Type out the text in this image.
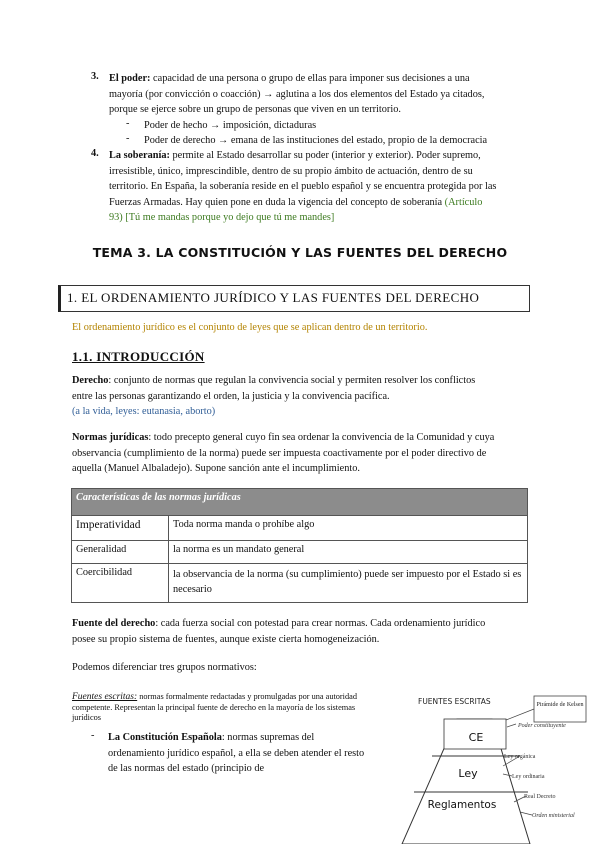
3. El poder: capacidad de una persona o grupo de ellas para imponer sus decisiones a una
mayoría (por convicción o coacción) → aglutina a los dos elementos del Estado ya citados,
porque se ejerce sobre un grupo de personas que viven en un territorio.
- Poder de hecho → imposición, dictaduras
- Poder de derecho → emana de las instituciones del estado, propio de la democracia
4. La soberanía: permite al Estado desarrollar su poder (interior y exterior). Poder supremo,
irresistible, único, imprescindible, dentro de su propio ámbito de actuación, dentro de su
territorio. En España, la soberanía reside en el pueblo español y se encuentra protegida por las
Fuerzas Armadas. Hay quien pone en duda la vigencia del concepto de soberanía (Artículo
93) [Tú me mandas porque yo dejo que tú me mandes]
TEMA 3. LA CONSTITUCIÓN Y LAS FUENTES DEL DERECHO
1. EL ORDENAMIENTO JURÍDICO Y LAS FUENTES DEL DERECHO
El ordenamiento jurídico es el conjunto de leyes que se aplican dentro de un territorio.
1.1. INTRODUCCIÓN
Derecho: conjunto de normas que regulan la convivencia social y permiten resolver los conflictos
entre las personas garantizando el orden, la justicia y la convivencia pacífica.
(a la vida, leyes: eutanasia, aborto)
Normas jurídicas: todo precepto general cuyo fin sea ordenar la convivencia de la Comunidad y cuya
observancia (cumplimiento de la norma) puede ser impuesta coactivamente por el poder directivo de
aquella (Manuel Albaladejo). Supone sanción ante el incumplimiento.
Características de las normas jurídicas	
Imperatividad	Toda norma manda o prohíbe algo
Generalidad	la norma es un mandato general
Coercibilidad	la observancia de la norma (su cumplimiento) puede ser impuesto por el Estado si es necesario
Fuente del derecho: cada fuerza social con potestad para crear normas. Cada ordenamiento jurídico
posee su propio sistema de fuentes, aunque existe cierta homogeneización.
Podemos diferenciar tres grupos normativos:
Fuentes escritas: normas formalmente redactadas y promulgadas por una autoridad
competente. Representan la principal fuente de derecho en la mayoría de los sistemas
jurídicos
- La Constitución Española: normas supremas del
ordenamiento jurídico español, a ella se deben atender el resto
de las normas del estado (principio de
FUENTES ESCRITAS	Pirámide de Kelsen
CE
Ley
Reglamentos
Poder constituyente
Ley orgánica
Ley ordinaria
Real Decreto
Orden ministerial
